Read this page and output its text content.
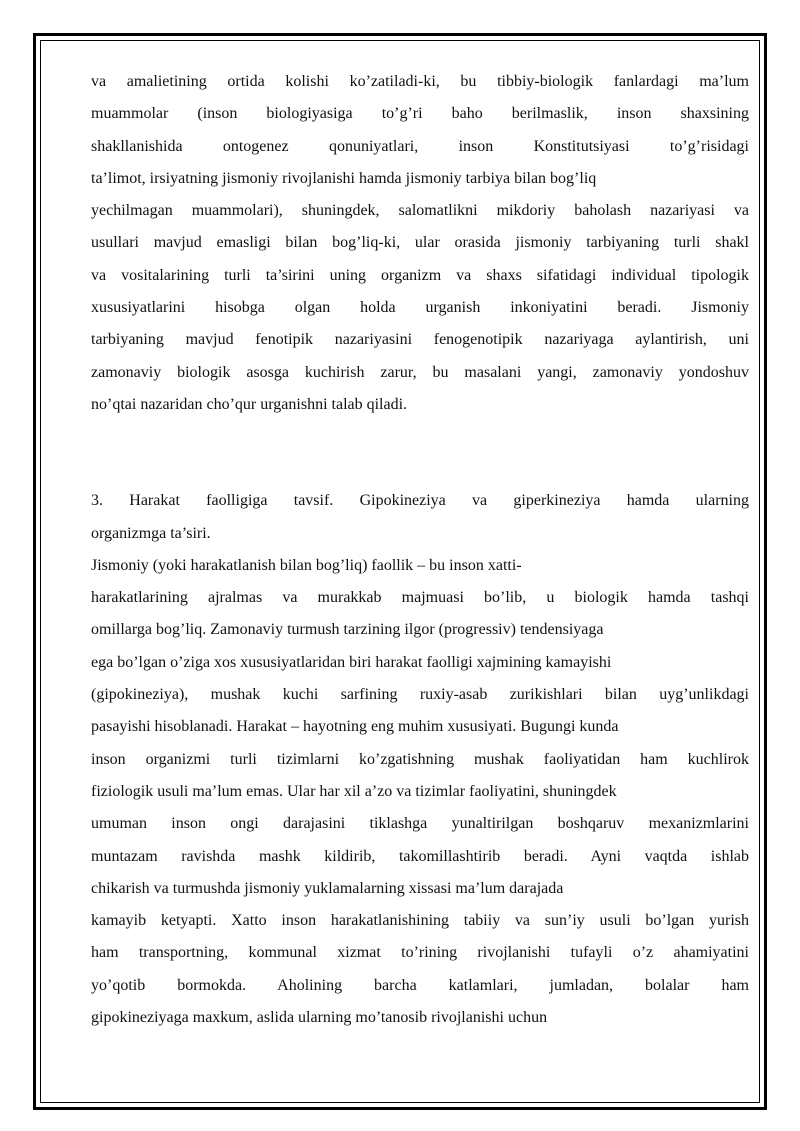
va amalietining ortida kolishi ko’zatiladi-ki, bu tibbiy-biologik fanlardagi ma’lum
muammolar (inson biologiyasiga to’g’ri baho berilmaslik, inson shaxsining
shakllanishida ontogenez qonuniyatlari, inson Konstitutsiyasi to’g’risidagi
ta’limot, irsiyatning jismoniy rivojlanishi hamda jismoniy tarbiya bilan bog’liq
yechilmagan muammolari), shuningdek, salomatlikni mikdoriy baholash nazariyasi va
usullari mavjud emasligi bilan bog’liq-ki, ular orasida jismoniy tarbiyaning turli shakl
va vositalarining turli ta’sirini uning organizm va shaxs sifatidagi individual tipologik
xususiyatlarini hisobga olgan holda urganish inkoniyatini beradi. Jismoniy
tarbiyaning mavjud fenotipik nazariyasini fenogenotipik nazariyaga aylantirish, uni
zamonaviy biologik asosga kuchirish zarur, bu masalani yangi, zamonaviy yondoshuv
no’qtai nazaridan cho’qur urganishni talab qiladi.
3. Harakat faolligiga tavsif. Gipokineziya va giperkineziya hamda ularning
organizmga ta’siri.
Jismoniy (yoki harakatlanish bilan bog’liq) faollik – bu inson xatti-
harakatlarining ajralmas va murakkab majmuasi bo’lib, u biologik hamda tashqi
omillarga bog’liq. Zamonaviy turmush tarzining ilgor (progressiv) tendensiyaga
ega bo’lgan o’ziga xos xususiyatlaridan biri harakat faolligi xajmining kamayishi
(gipokineziya), mushak kuchi sarfining ruxiy-asab zurikishlari bilan uyg’unlikdagi
pasayishi hisoblanadi. Harakat – hayotning eng muhim xususiyati. Bugungi kunda
inson organizmi turli tizimlarni ko’zgatishning mushak faoliyatidan ham kuchlirok
fiziologik usuli ma’lum emas. Ular har xil a’zo va tizimlar faoliyatini, shuningdek
umuman inson ongi darajasini tiklashga yunaltirilgan boshqaruv mexanizmlarini
muntazam ravishda mashk kildirib, takomillashtirib beradi. Ayni vaqtda ishlab
chikarish va turmushda jismoniy yuklamalarning xissasi ma’lum darajada
kamayib ketyapti. Xatto inson harakatlanishining tabiiy va sun’iy usuli bo’lgan yurish
ham transportning, kommunal xizmat to’rining rivojlanishi tufayli o’z ahamiyatini
yo’qotib bormokda. Aholining barcha katlamlari, jumladan, bolalar ham
gipokineziyaga maxkum, aslida ularning mo’tanosib rivojlanishi uchun
